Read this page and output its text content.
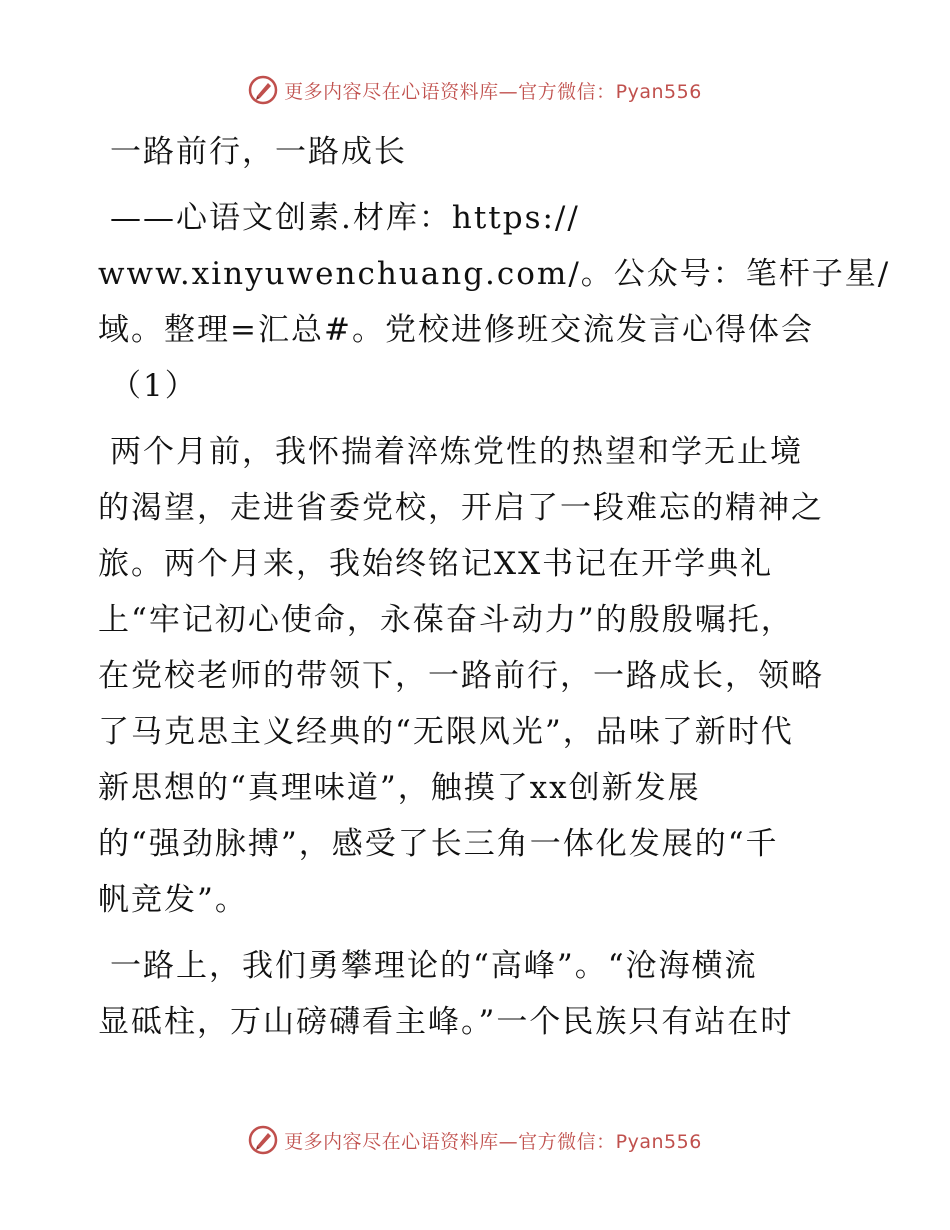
更多内容尽在心语资料库—官方微信：Pyan556
一路前行，一路成长
——心语文创素.材库：https://
www.xinyuwenchuang.com/。公众号：笔杆子星/
域。整理=汇总#。党校进修班交流发言心得体会
（1）
两个月前，我怀揣着淬炼党性的热望和学无止境
的渴望，走进省委党校，开启了一段难忘的精神之
旅。两个月来，我始终铭记XX书记在开学典礼
上“牢记初心使命，永葆奋斗动力”的殷殷嘱托，
在党校老师的带领下，一路前行，一路成长，领略
了马克思主义经典的“无限风光”，品味了新时代
新思想的“真理味道”，触摸了xx创新发展
的“强劲脉搏”，感受了长三角一体化发展的“千
帆竞发”。
一路上，我们勇攀理论的“高峰”。“沧海横流
显砥柱，万山磅礴看主峰。”一个民族只有站在时
更多内容尽在心语资料库—官方微信：Pyan556
